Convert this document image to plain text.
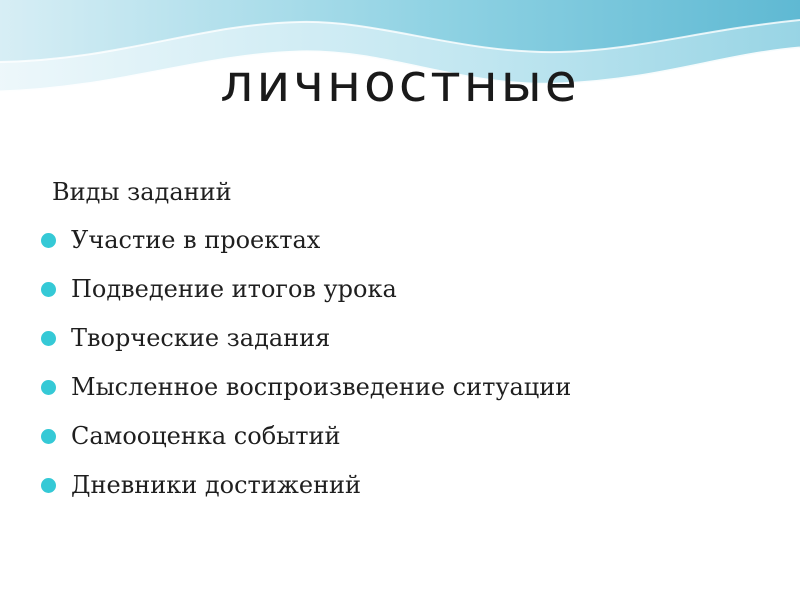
личностные
Виды заданий
Участие в проектах
Подведение итогов урока
Творческие задания
Мысленное воспроизведение ситуации
Самооценка событий
Дневники достижений
